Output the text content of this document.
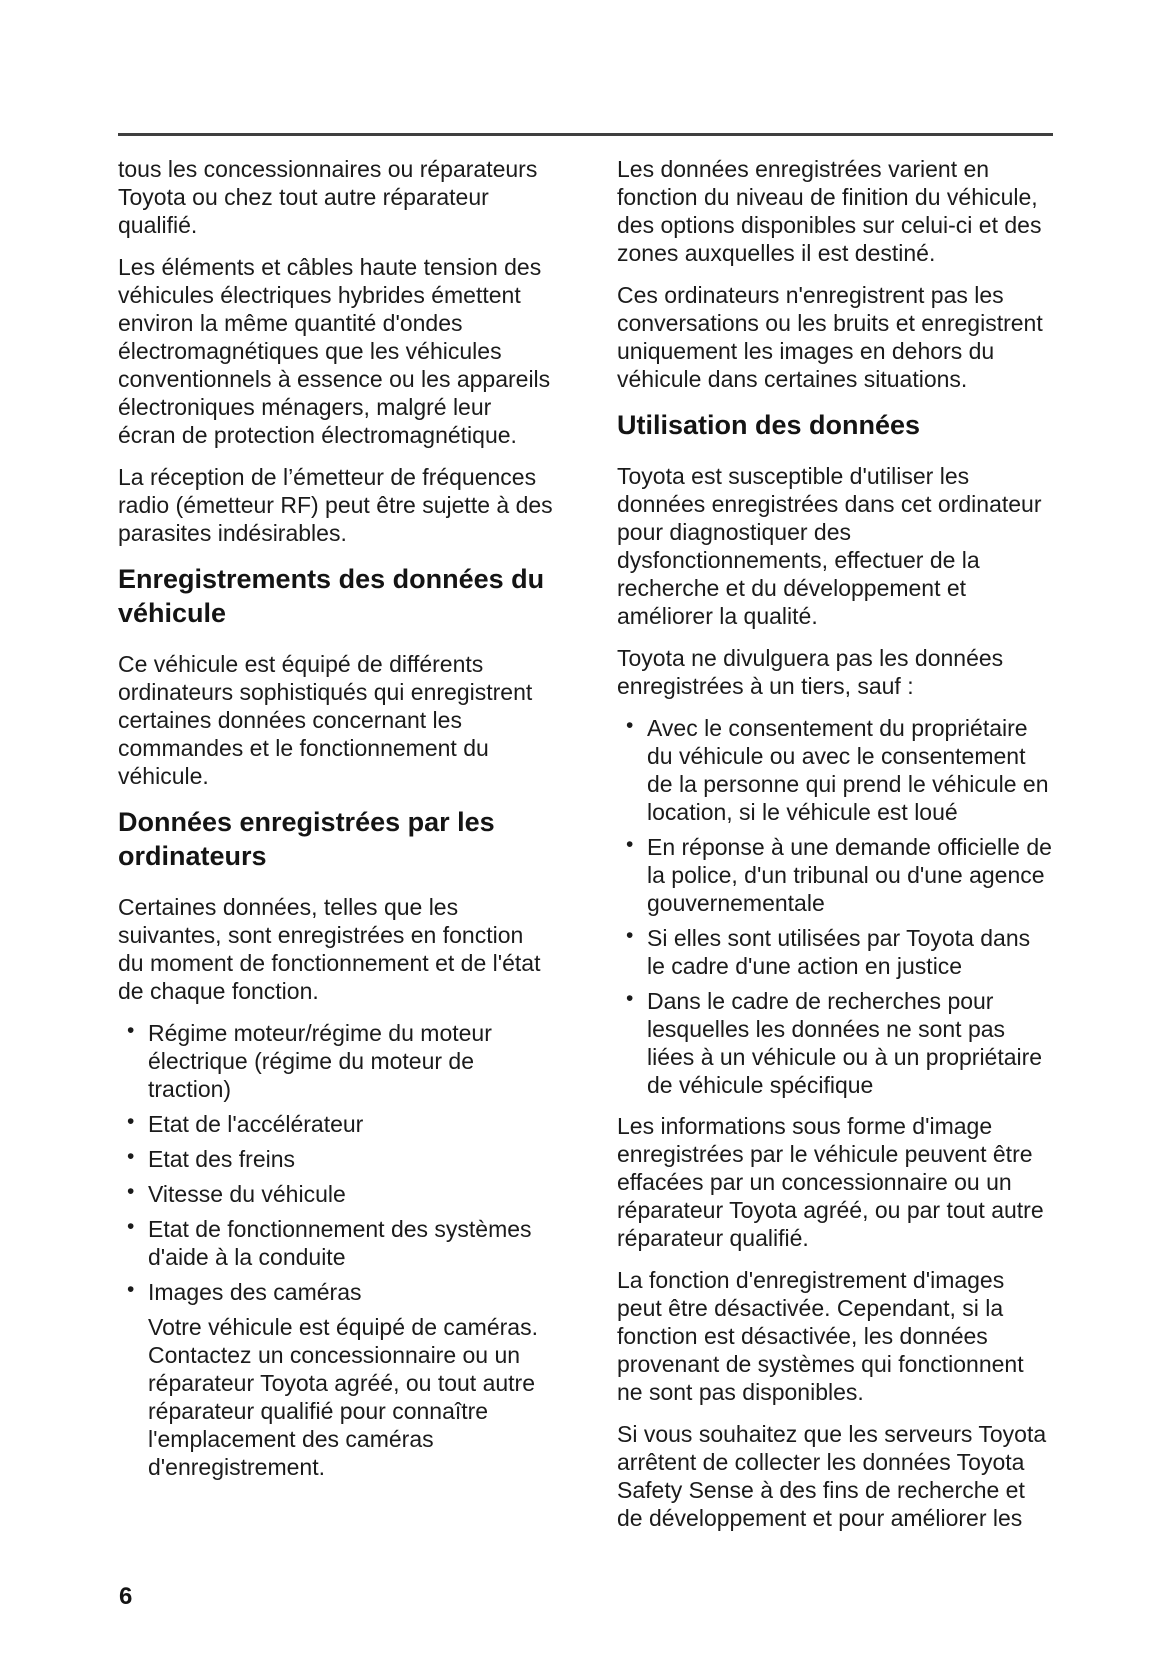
tous les concessionnaires ou réparateurs Toyota ou chez tout autre réparateur qualifié.

Les éléments et câbles haute tension des véhicules électriques hybrides émettent environ la même quantité d'ondes électromagnétiques que les véhicules conventionnels à essence ou les appareils électroniques ménagers, malgré leur écran de protection électromagnétique.

La réception de l’émetteur de fréquences radio (émetteur RF) peut être sujette à des parasites indésirables.

Enregistrements des données du véhicule

Ce véhicule est équipé de différents ordinateurs sophistiqués qui enregistrent certaines données concernant les commandes et le fonctionnement du véhicule.

Données enregistrées par les ordinateurs

Certaines données, telles que les suivantes, sont enregistrées en fonction du moment de fonctionnement et de l'état de chaque fonction.

• Régime moteur/régime du moteur électrique (régime du moteur de traction)
• Etat de l'accélérateur
• Etat des freins
• Vitesse du véhicule
• Etat de fonctionnement des systèmes d'aide à la conduite
• Images des caméras

Votre véhicule est équipé de caméras. Contactez un concessionnaire ou un réparateur Toyota agréé, ou tout autre réparateur qualifié pour connaître l'emplacement des caméras d'enregistrement.

Les données enregistrées varient en fonction du niveau de finition du véhicule, des options disponibles sur celui-ci et des zones auxquelles il est destiné.

Ces ordinateurs n'enregistrent pas les conversations ou les bruits et enregistrent uniquement les images en dehors du véhicule dans certaines situations.

Utilisation des données

Toyota est susceptible d'utiliser les données enregistrées dans cet ordinateur pour diagnostiquer des dysfonctionnements, effectuer de la recherche et du développement et améliorer la qualité.

Toyota ne divulguera pas les données enregistrées à un tiers, sauf :

• Avec le consentement du propriétaire du véhicule ou avec le consentement de la personne qui prend le véhicule en location, si le véhicule est loué
• En réponse à une demande officielle de la police, d'un tribunal ou d'une agence gouvernementale
• Si elles sont utilisées par Toyota dans le cadre d'une action en justice
• Dans le cadre de recherches pour lesquelles les données ne sont pas liées à un véhicule ou à un propriétaire de véhicule spécifique

Les informations sous forme d'image enregistrées par le véhicule peuvent être effacées par un concessionnaire ou un réparateur Toyota agréé, ou par tout autre réparateur qualifié.

La fonction d'enregistrement d'images peut être désactivée. Cependant, si la fonction est désactivée, les données provenant de systèmes qui fonctionnent ne sont pas disponibles.

Si vous souhaitez que les serveurs Toyota arrêtent de collecter les données Toyota Safety Sense à des fins de recherche et de développement et pour améliorer les

6
